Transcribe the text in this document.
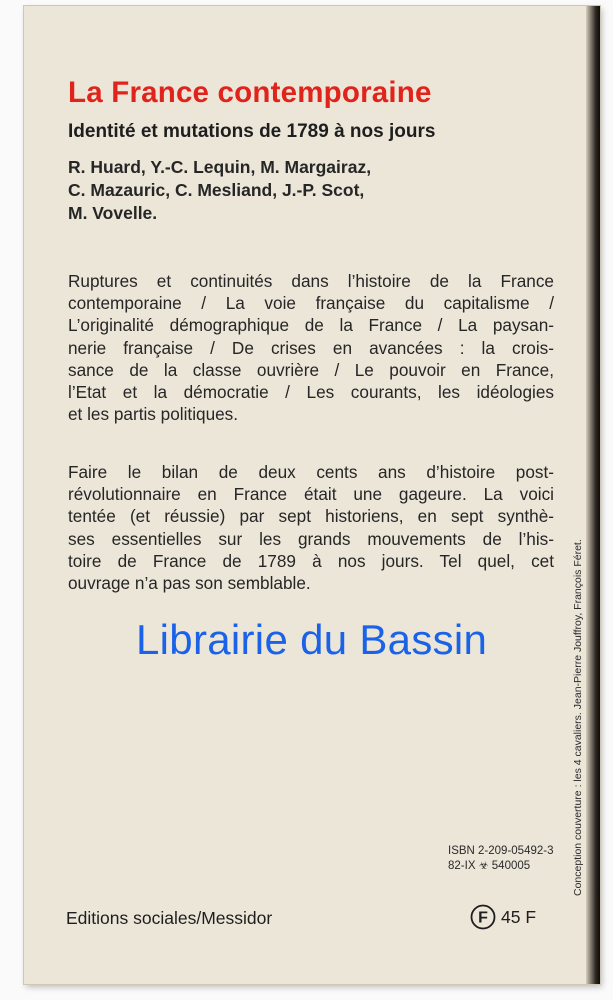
La France contemporaine
Identité et mutations de 1789 à nos jours
R. Huard, Y.-C. Lequin, M. Margairaz,
C. Mazauric, C. Mesliand, J.-P. Scot,
M. Vovelle.
Ruptures et continuités dans l’histoire de la France
contemporaine / La voie française du capitalisme /
L’originalité démographique de la France / La paysan-
nerie française / De crises en avancées : la crois-
sance de la classe ouvrière / Le pouvoir en France,
l’Etat et la démocratie / Les courants, les idéologies
et les partis politiques.
Faire le bilan de deux cents ans d’histoire post-
révolutionnaire en France était une gageure. La voici
tentée (et réussie) par sept historiens, en sept synthè-
ses essentielles sur les grands mouvements de l’his-
toire de France de 1789 à nos jours. Tel quel, cet
ouvrage n’a pas son semblable.
Librairie du Bassin
ISBN 2-209-05492-3
82-IX ☣ 540005
Editions sociales/Messidor	F 45 F
Conception couverture : les 4 cavaliers. Jean-Pierre Jouffroy, François Féret.
